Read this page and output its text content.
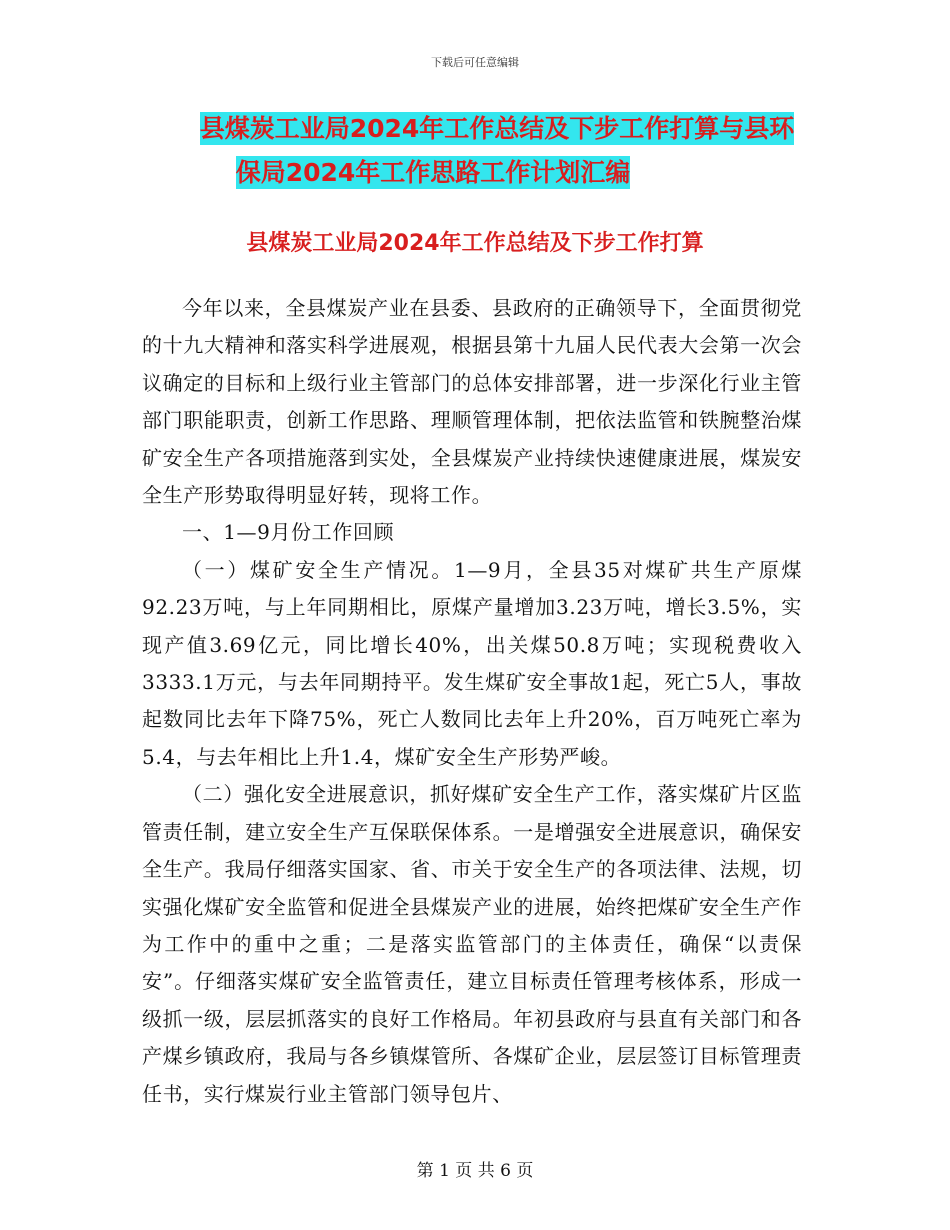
下载后可任意编辑
县煤炭工业局2024年工作总结及下步工作打算与县环
保局2024年工作思路工作计划汇编
县煤炭工业局2024年工作总结及下步工作打算

今年以来，全县煤炭产业在县委、县政府的正确领导下，全面贯彻党的十九大精神和落实科学进展观，根据县第十九届人民代表大会第一次会议确定的目标和上级行业主管部门的总体安排部署，进一步深化行业主管部门职能职责，创新工作思路、理顺管理体制，把依法监管和铁腕整治煤矿安全生产各项措施落到实处，全县煤炭产业持续快速健康进展，煤炭安全生产形势取得明显好转，现将工作。

一、1—9月份工作回顾

（一）煤矿安全生产情况。1—9月，全县35对煤矿共生产原煤92.23万吨，与上年同期相比，原煤产量增加3.23万吨，增长3.5%，实现产值3.69亿元，同比增长40%，出关煤50.8万吨；实现税费收入3333.1万元，与去年同期持平。发生煤矿安全事故1起，死亡5人，事故起数同比去年下降75%，死亡人数同比去年上升20%，百万吨死亡率为5.4，与去年相比上升1.4，煤矿安全生产形势严峻。

（二）强化安全进展意识，抓好煤矿安全生产工作，落实煤矿片区监管责任制，建立安全生产互保联保体系。一是增强安全进展意识，确保安全生产。我局仔细落实国家、省、市关于安全生产的各项法律、法规，切实强化煤矿安全监管和促进全县煤炭产业的进展，始终把煤矿安全生产作为工作中的重中之重；二是落实监管部门的主体责任，确保“以责保安”。仔细落实煤矿安全监管责任，建立目标责任管理考核体系，形成一级抓一级，层层抓落实的良好工作格局。年初县政府与县直有关部门和各产煤乡镇政府，我局与各乡镇煤管所、各煤矿企业，层层签订目标管理责任书，实行煤炭行业主管部门领导包片、

第 1 页 共 6 页
